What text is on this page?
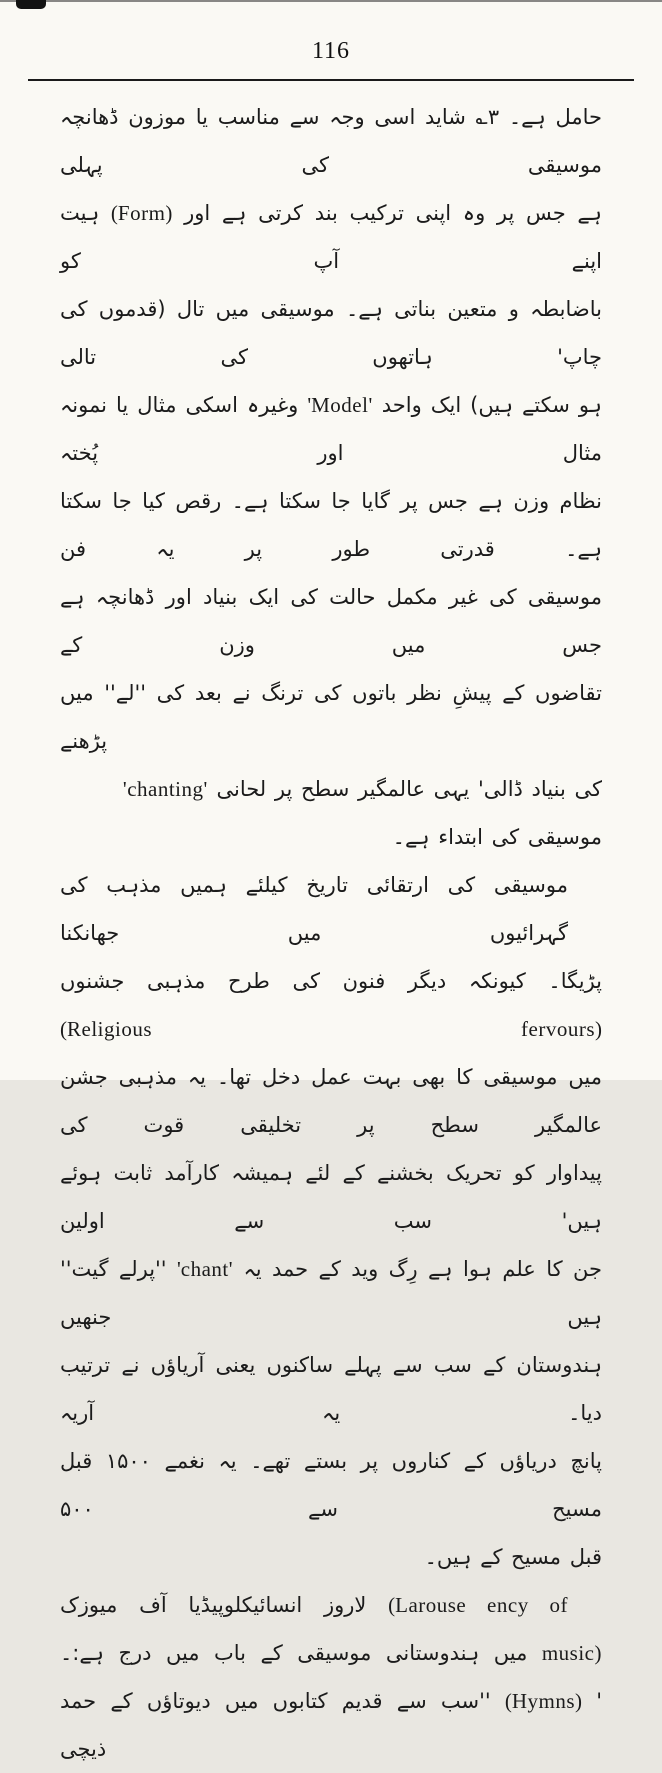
116
حامل ہے۔ ۳؎ شاید اسی وجہ سے مناسب یا موزون ڈھانچہ موسیقی کی پہلی
ہیت (Form) ہے جس پر وہ اپنی ترکیب بند کرتی ہے اور اپنے آپ کو
باضابطہ و متعین بناتی ہے۔ موسیقی میں تال (قدموں کی چاپ' ہاتھوں کی تالی
وغیرہ اسکی مثال یا نمونہ 'Model' ہو سکتے ہیں) ایک واحد مثال اور پُختہ
نظام وزن ہے جس پر گایا جا سکتا ہے۔ رقص کیا جا سکتا ہے۔ قدرتی طور پر یہ فن
موسیقی کی غیر مکمل حالت کی ایک بنیاد اور ڈھانچہ ہے جس میں وزن کے
تقاضوں کے پیشِ نظر باتوں کی ترنگ نے بعد کی ''لے'' میں پڑھنے
'chanting' کی بنیاد ڈالی' یہی عالمگیر سطح پر لحانی موسیقی کی ابتداء ہے۔
موسیقی کی ارتقائی تاریخ کیلئے ہمیں مذہب کی گہرائیوں میں جھانکنا
پڑیگا۔ کیونکہ دیگر فنون کی طرح مذہبی جشنوں (Religious fervours)
میں موسیقی کا بھی بہت عمل دخل تھا۔ یہ مذہبی جشن عالمگیر سطح پر تخلیقی قوت کی
پیداوار کو تحریک بخشنے کے لئے ہمیشہ کارآمد ثابت ہوئے ہیں' سب سے اولین
''پرلے گیت'' 'chant' جن کا علم ہوا ہے رِگ وید کے حمد یہ ہیں جنھیں
ہندوستان کے سب سے پہلے ساکنوں یعنی آریاؤں نے ترتیب دیا۔ یہ آریہ
پانچ دریاؤں کے کناروں پر بستے تھے۔ یہ نغمے ۱۵۰۰ قبل مسیح سے ۵۰۰
قبل مسیح کے ہیں۔
لاروز انسائیکلوپیڈیا آف میوزک (Larouse ency of
میں ہندوستانی موسیقی کے باب میں درج ہے:۔ music)
''سب سے قدیم کتابوں میں دیوتاؤں کے حمد (Hymns) ' ذیچی
